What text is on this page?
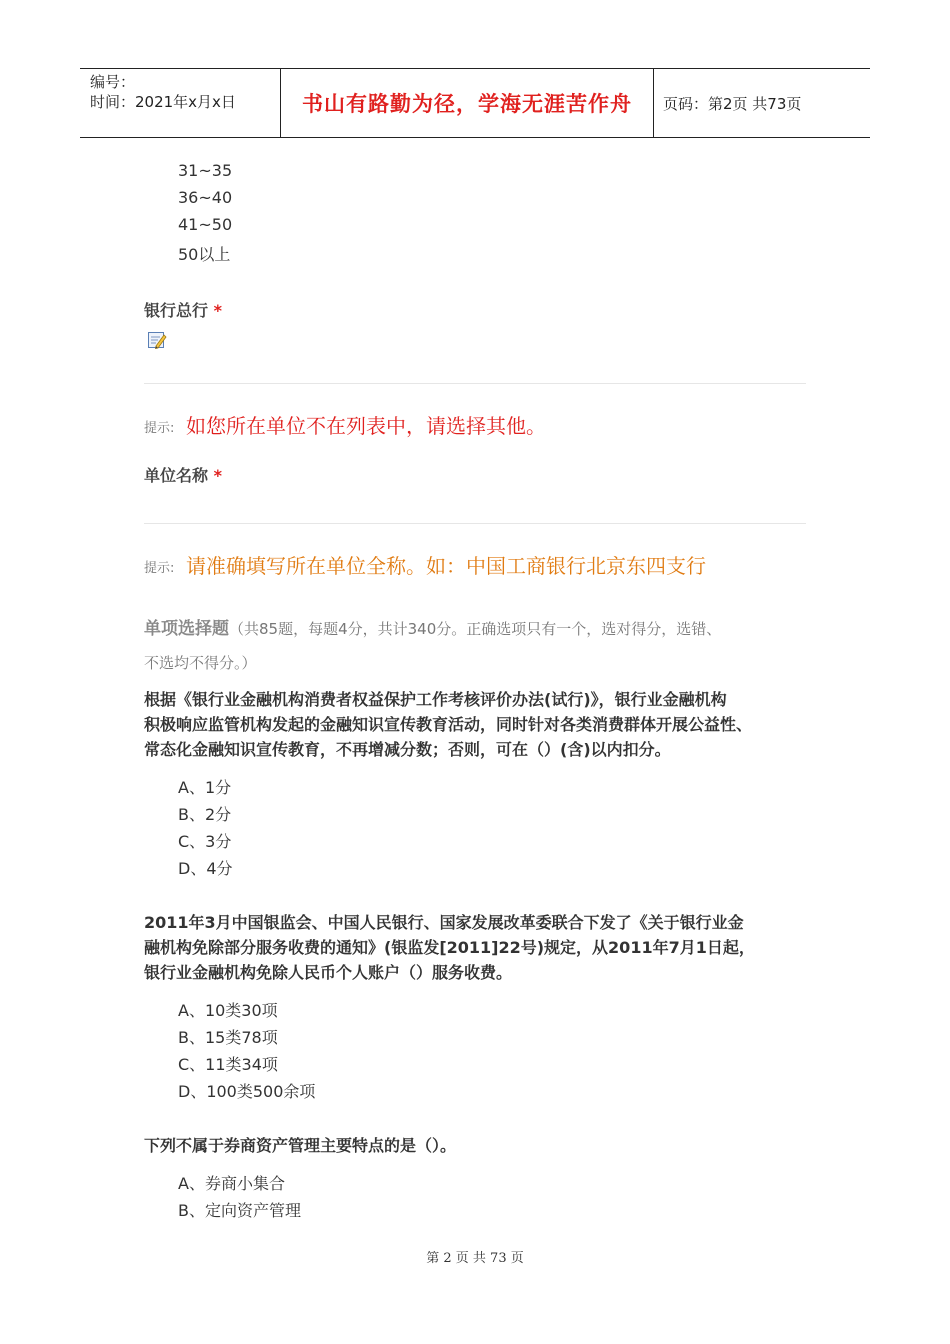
编号：
时间：2021年x月x日	书山有路勤为径，学海无涯苦作舟 页码：第2页 共73页
31~35
36~40
41~50
50以上
银行总行 *
提示: 如您所在单位不在列表中，请选择其他。
单位名称 *
提示: 请准确填写所在单位全称。如：中国工商银行北京东四支行
单项选择题（共85题，每题4分，共计340分。正确选项只有一个，选对得分，选错、
不选均不得分。）
根据《银行业金融机构消费者权益保护工作考核评价办法(试行)》，银行业金融机构
积极响应监管机构发起的金融知识宣传教育活动，同时针对各类消费群体开展公益性、
常态化金融知识宣传教育，不再增减分数；否则，可在（）(含)以内扣分。
A、1分
B、2分
C、3分
D、4分
2011年3月中国银监会、中国人民银行、国家发展改革委联合下发了《关于银行业金
融机构免除部分服务收费的通知》(银监发[2011]22号)规定，从2011年7月1日起，
银行业金融机构免除人民币个人账户（）服务收费。
A、10类30项
B、15类78项
C、11类34项
D、100类500余项
下列不属于券商资产管理主要特点的是（）。
A、券商小集合
B、定向资产管理
第 2 页 共 73 页
